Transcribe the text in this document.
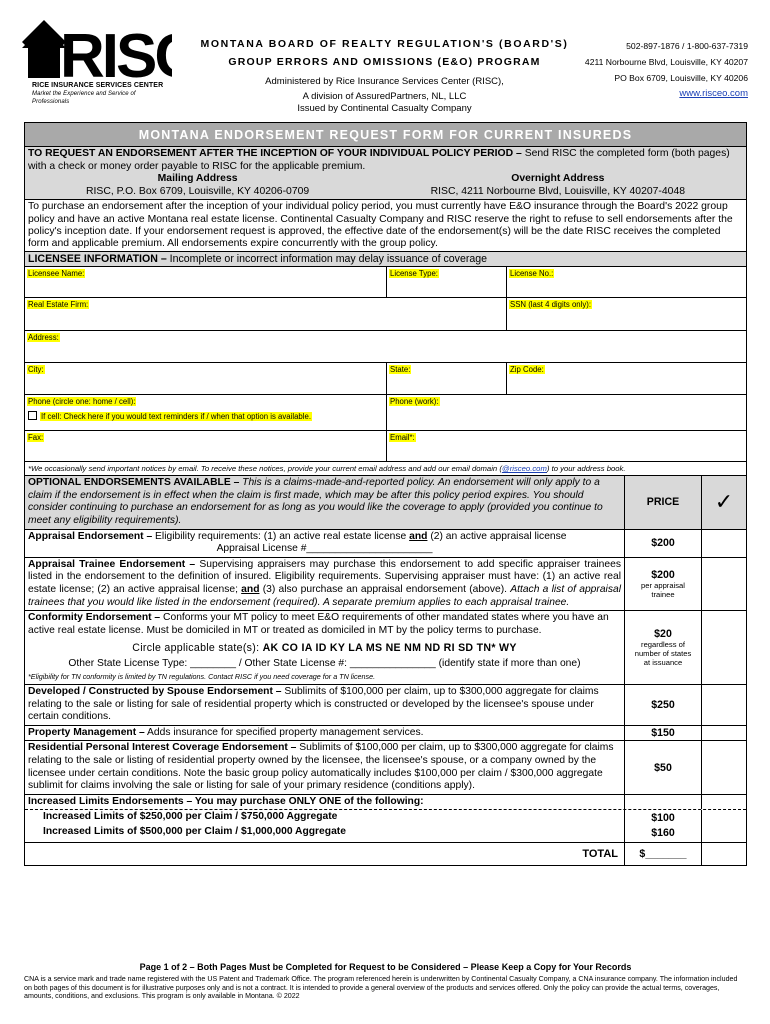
RIS
RICE INSURANCE SERVICES CENTER
Market the Experience and Service of Professionals
MONTANA BOARD OF REALTY REGULATION'S (BOARD'S)
GROUP ERRORS AND OMISSIONS (E&O) PROGRAM
Administered by Rice Insurance Services Center (RISC),
A division of AssuredPartners, NL, LLC
Issued by Continental Casualty Company
502-897-1876 / 1-800-637-7319
4211 Norbourne Blvd, Louisville, KY 40207
PO Box 6709, Louisville, KY 40206
www.risceo.com
MONTANA ENDORSEMENT REQUEST FORM FOR CURRENT INSUREDS
TO REQUEST AN ENDORSEMENT AFTER THE INCEPTION OF YOUR INDIVIDUAL POLICY PERIOD – Send RISC the completed form (both pages) with a check or money order payable to RISC for the applicable premium.
Mailing Address
RISC, P.O. Box 6709, Louisville, KY 40206-0709
Overnight Address
RISC, 4211 Norbourne Blvd, Louisville, KY 40207-4048
To purchase an endorsement after the inception of your individual policy period, you must currently have E&O insurance through the Board's 2022 group policy and have an active Montana real estate license. Continental Casualty Company and RISC reserve the right to refuse to sell endorsements after the policy's inception date. If your endorsement request is approved, the effective date of the endorsement(s) will be the date RISC receives the completed form and applicable premium. All endorsements expire concurrently with the group policy.
LICENSEE INFORMATION – Incomplete or incorrect information may delay issuance of coverage
Licensee Name:	License Type:	License No.:
Real Estate Firm:	SSN (last 4 digits only):
Address:
City:	State:	Zip Code:
Phone (circle one: home / cell):
If cell: Check here if you would text reminders if / when that option is available.
Phone (work):
Fax:	Email*:
*We occasionally send important notices by email. To receive these notices, provide your current email address and add our email domain (@risceo.com) to your address book.
OPTIONAL ENDORSEMENTS AVAILABLE – This is a claims-made-and-reported policy. An endorsement will only apply to a claim if the endorsement is in effect when the claim is first made, which may be after this policy period expires. You should consider continuing to purchase an endorsement for as long as you would like the coverage to apply (provided you continue to meet any eligibility requirements).
PRICE	✓
Appraisal Endorsement – Eligibility requirements: (1) an active real estate license and (2) an active appraisal license
Appraisal License #______________________	$200
Appraisal Trainee Endorsement – Supervising appraisers may purchase this endorsement to add specific appraiser trainees listed in the endorsement to the definition of insured. Eligibility requirements. Supervising appraiser must have: (1) an active real estate license; (2) an active appraisal license; and (3) also purchase an appraisal endorsement (above). Attach a list of appraisal trainees that you would like listed in the endorsement (required). A separate premium applies to each appraisal trainee.
$200
per appraisal trainee
Conformity Endorsement – Conforms your MT policy to meet E&O requirements of other mandated states where you have an active real estate license. Must be domiciled in MT or treated as domiciled in MT by the policy terms to purchase.
Circle applicable state(s): AK CO IA ID KY LA MS NE NM ND RI SD TN* WY
Other State License Type: ________ / Other State License #: _______________ (identify state if more than one)
*Eligibility for TN conformity is limited by TN regulations. Contact RISC if you need coverage for a TN license.
$20
regardless of number of states at issuance
Developed / Constructed by Spouse Endorsement – Sublimits of $100,000 per claim, up to $300,000 aggregate for claims relating to the sale or listing for sale of residential property which is constructed or developed by the licensee's spouse under certain conditions.
$250
Property Management – Adds insurance for specified property management services.	$150
Residential Personal Interest Coverage Endorsement – Sublimits of $100,000 per claim, up to $300,000 aggregate for claims relating to the sale or listing of residential property owned by the licensee, the licensee's spouse, or a company owned by the licensee under certain conditions. Note the basic group policy automatically includes $100,000 per claim / $300,000 aggregate sublimit for claims involving the sale or listing for sale of your primary residence (conditions apply).
$50
Increased Limits Endorsements – You may purchase ONLY ONE of the following:
Increased Limits of $250,000 per Claim / $750,000 Aggregate	$100
Increased Limits of $500,000 per Claim / $1,000,000 Aggregate	$160
TOTAL	$_______
Page 1 of 2 – Both Pages Must be Completed for Request to be Considered – Please Keep a Copy for Your Records
CNA is a service mark and trade name registered with the US Patent and Trademark Office. The program referenced herein is underwritten by Continental Casualty Company, a CNA insurance company. The information included on both pages of this document is for illustrative purposes only and is not a contract. It is intended to provide a general overview of the products and services offered. Only the policy can provide the actual terms, coverages, amounts, conditions, and exclusions. This program is only available in Montana. © 2022
